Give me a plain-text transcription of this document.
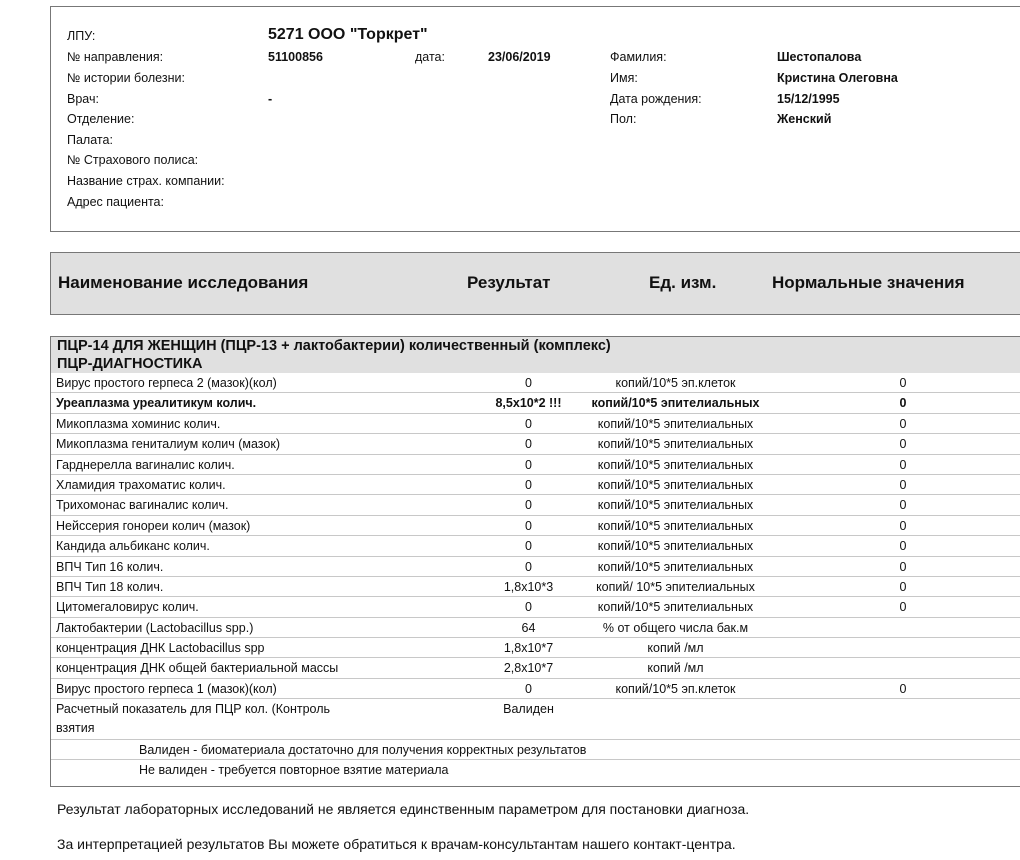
ЛПУ:	5271 ООО "Торкрет"
№ направления:	51100856	дата:	23/06/2019
№ истории болезни:
Врач:	-
Отделение:
Палата:
№ Страхового полиса:
Название страх. компании:
Адрес пациента:
Фамилия:	Шестопалова
Имя:	Кристина Олеговна
Дата рождения:	15/12/1995
Пол:	Женский
Наименование исследования	Результат	Ед. изм.	Нормальные значения
ПЦР-14 ДЛЯ ЖЕНЩИН (ПЦР-13 + лактобактерии) количественный (комплекс)
ПЦР-ДИАГНОСТИКА
Вирус простого герпеса 2 (мазок)(кол)	0	копий/10*5 эп.клеток	0
Уреаплазма уреалитикум колич.	8,5х10*2 !!!	копий/10*5 эпителиальных	0
Микоплазма хоминис колич.	0	копий/10*5 эпителиальных	0
Микоплазма гениталиум колич (мазок)	0	копий/10*5 эпителиальных	0
Гарднерелла вагиналис колич.	0	копий/10*5 эпителиальных	0
Хламидия трахоматис колич.	0	копий/10*5 эпителиальных	0
Трихомонас вагиналис колич.	0	копий/10*5 эпителиальных	0
Нейссерия гонореи колич (мазок)	0	копий/10*5 эпителиальных	0
Кандида альбиканс колич.	0	копий/10*5 эпителиальных	0
ВПЧ Тип 16 колич.	0	копий/10*5 эпителиальных	0
ВПЧ Тип 18 колич.	1,8х10*3	копий/ 10*5 эпителиальных	0
Цитомегаловирус колич.	0	копий/10*5 эпителиальных	0
Лактобактерии (Lactobacillus spp.)	64	% от общего числа бак.м
концентрация ДНК Lactobacillus spp	1,8х10*7	копий /мл
концентрация ДНК общей бактериальной массы	2,8х10*7	копий /мл
Вирус простого герпеса 1 (мазок)(кол)	0	копий/10*5 эп.клеток	0
Расчетный показатель для ПЦР кол. (Контроль	Валиден
взятия
Валиден - биоматериала достаточно для получения корректных результатов
Не валиден - требуется повторное взятие материала
Результат лабораторных исследований не является единственным параметром для постановки диагноза.
За интерпретацией результатов Вы можете обратиться к врачам-консультантам нашего контакт-центра.
